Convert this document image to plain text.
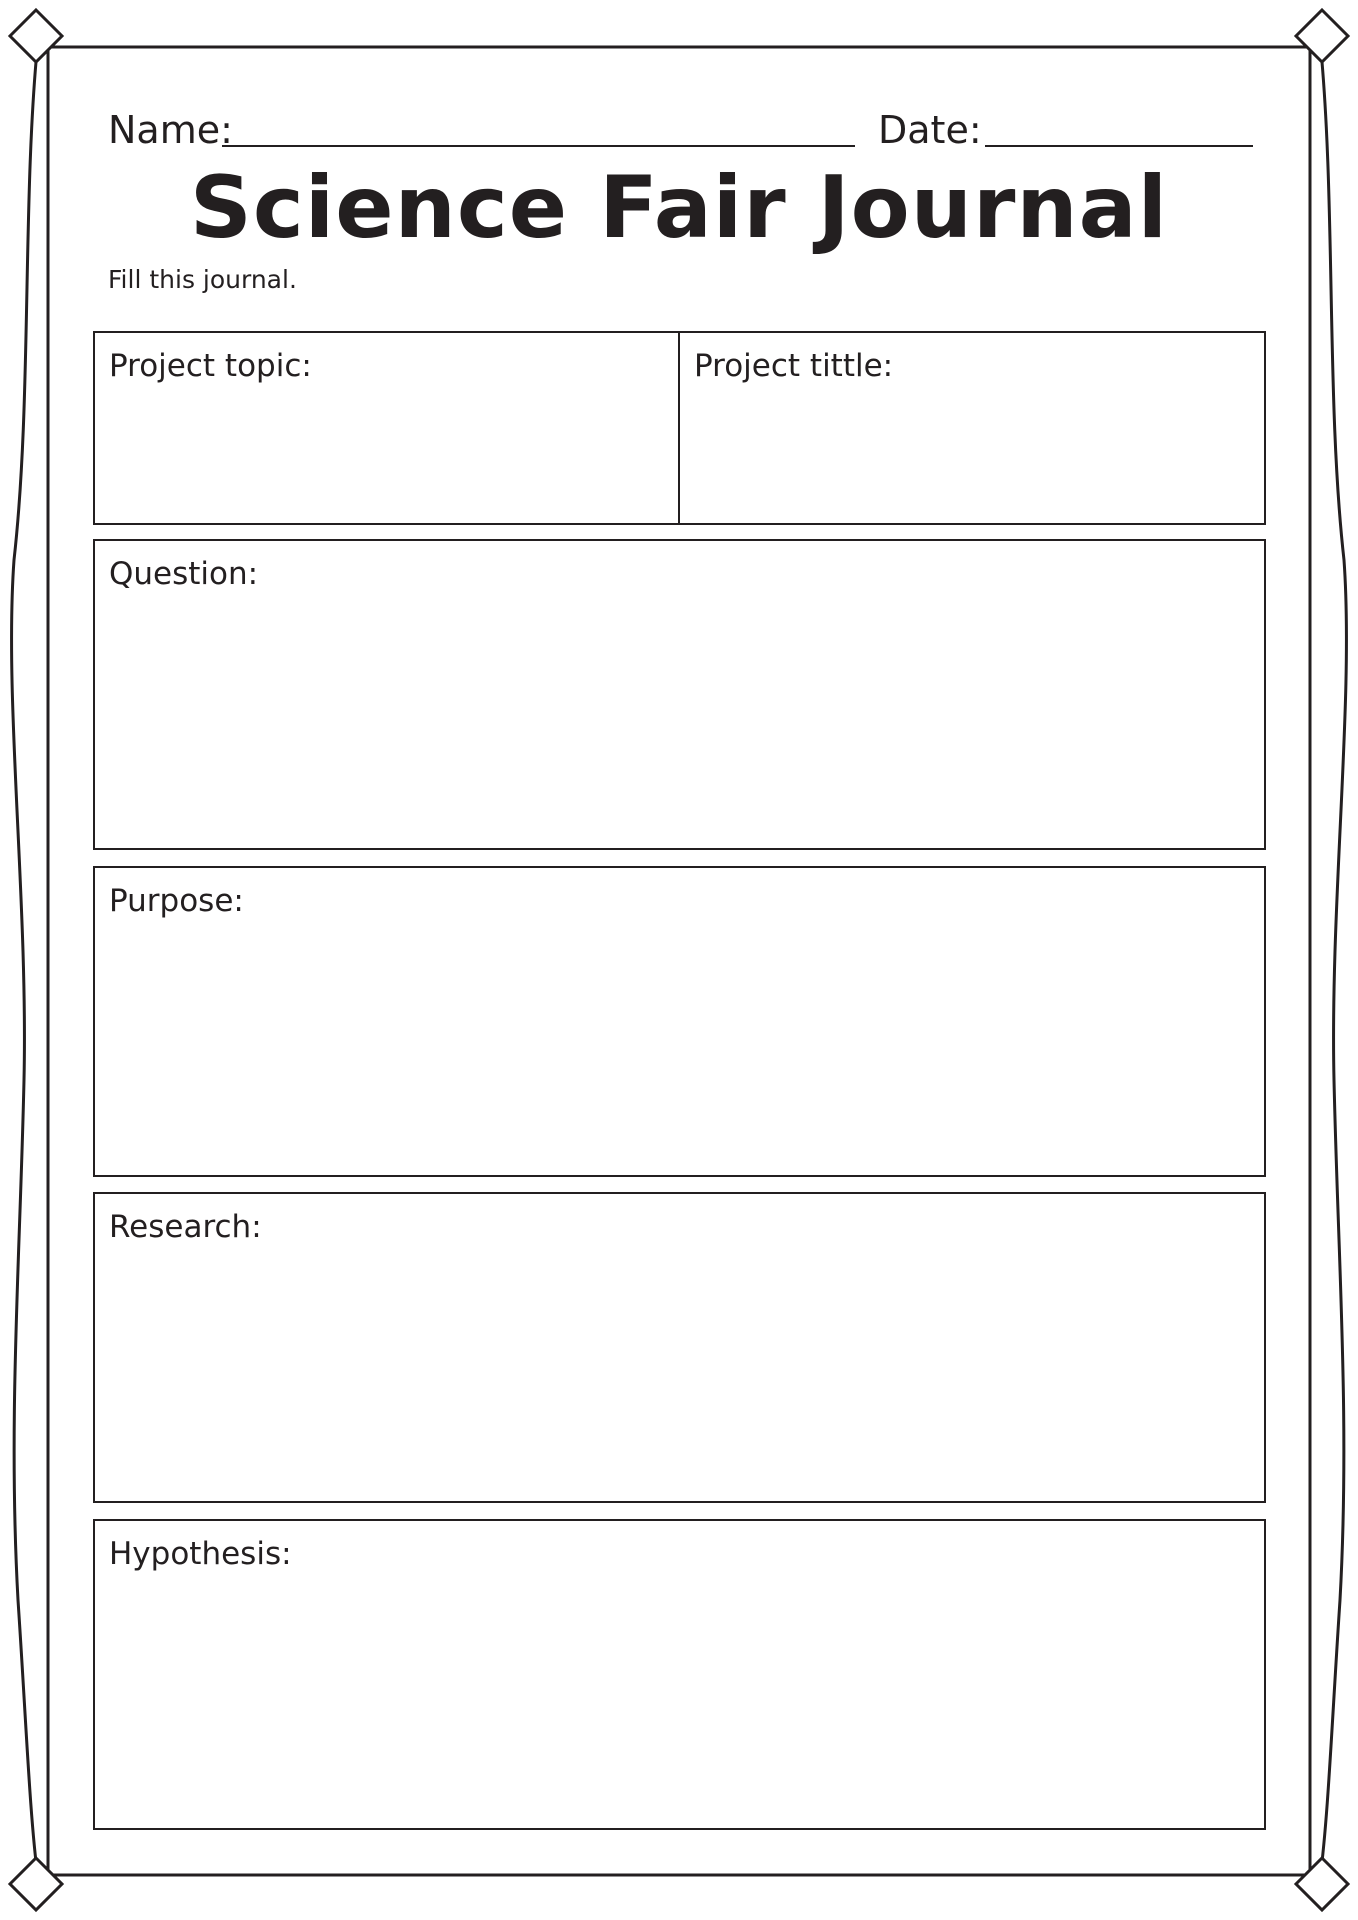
Name:	Date:
Science Fair Journal
Fill this journal.
Project topic:	Project tittle:
Question:
Purpose:
Research:
Hypothesis:
